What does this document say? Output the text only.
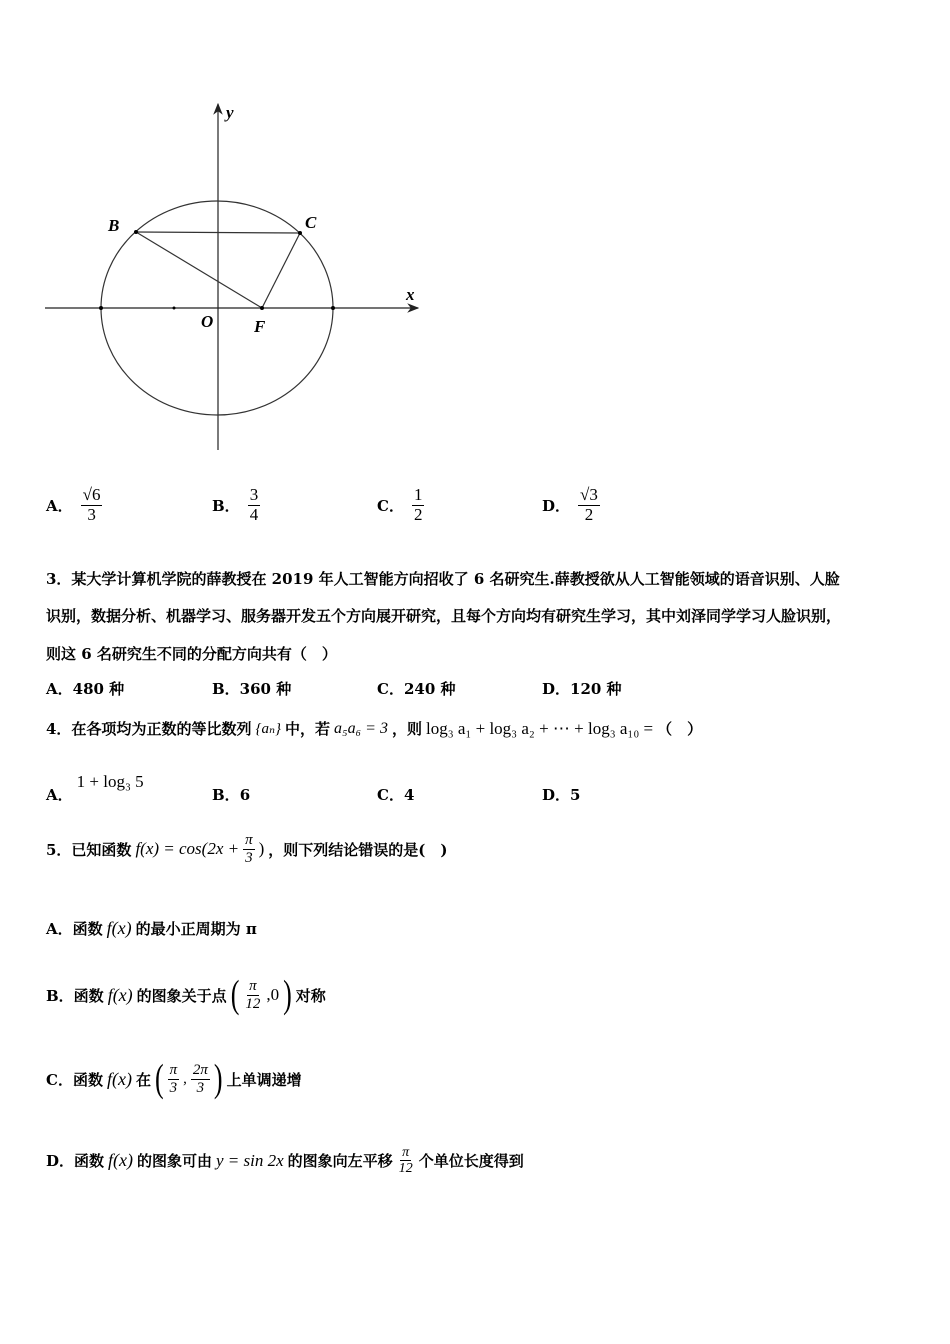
y
x
O
B	C
F
A． $\frac{√6}{3}$	B． $\frac{3}{4}$	C． $\frac{1}{2}$	D． $\frac{√3}{2}$
3．某大学计算机学院的薛教授在 2019 年人工智能方向招收了 6 名研究生.薛教授欲从人工智能领域的语音识别、人脸
识别，数据分析、机器学习、服务器开发五个方向展开研究，且每个方向均有研究生学习，其中刘泽同学学习人脸识别，
则这 6 名研究生不同的分配方向共有（　）
A．480 种	B．360 种	C．240 种	D．120 种
4．在各项均为正数的等比数列 {aₙ} 中，若 a₅a₆ = 3 ，则 log₃ a₁ + log₃ a₂ + ⋯ + log₃ a₁₀ = （　）
A．
1 + log₃ 5
B．6	C．4	D．5
5．已知函数 $f(x) = \cos(2x + \frac{\pi}{3}$ ) ，则下列结论错误的是(　)
A．函数 f(x) 的最小正周期为 π
B．函数 f(x) 的图象关于点 ( $\frac{\pi}{12} ,0$ ) 对称
C．函数 f(x) 在 ( $\frac{\pi}{3}$ , $\frac{2\pi}{3}$ ) 上单调递增
D．函数 f(x) 的图象可由 y = sin 2x 的图象向左平移 $\frac{\pi}{12}$ 个单位长度得到
